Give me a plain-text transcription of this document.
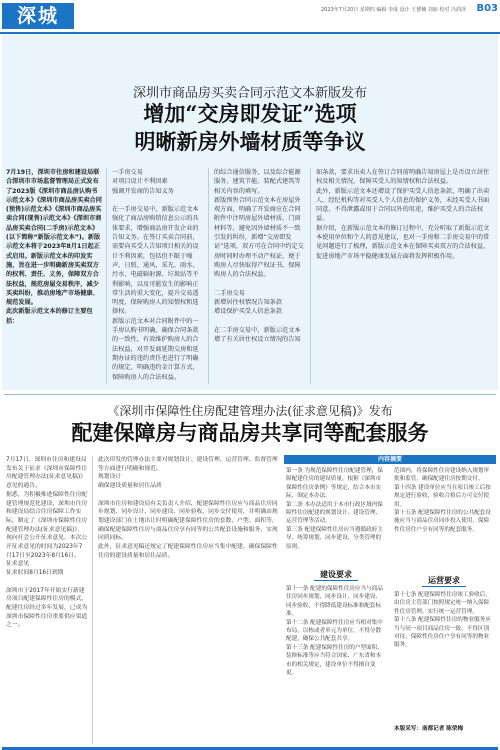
深城	2023年7月20日 星期四 编辑 李成 设计 王德楠 刘丽 校对 冯润泽 B03
深圳市商品房买卖合同示范文本新版发布
增加“交房即发证”选项
明晰新房外墙材质等争议
7月19日，深圳市住房和建设局联合深圳市市场监督管理局正式发布了2023版《深圳市商品房认购书示范文本》《深圳市商品房买卖合同(预售)示范文本》《深圳市商品房买卖合同(现售)示范文本》《深圳市商品房买卖合同(二手房)示范文本》(以下简称“新版示范文本”)。新版示范文本将于2023年8月1日起正式启用。新版示范文本的印发实施，旨在进一步明确新房买卖双方的权利、责任、义务，保障双方合法权益，规范房屋交易秩序，减少买卖纠纷，推动房地产市场健康、规范发展。
此次新版示范文本的修订主要包括：
一手房交易
对项目设计不利因素
强调开发商的告知义务

在一手房交易中，新版示范文本强化了商品房购销信息公示的具体要求，增强商品房开发企业的告知义务。在签订买卖合同前，需要向买受人告知项目相关的设计不利因素，包括但不限于噪声、日照、通风、采光、雨水、污水、电磁辐射源、垃圾站等不利影响，以及可能发生的影响正常生活的重大变化，提升交易透明度，保障购房人的知情权和选择权。
新版示范文本对合同附件中的一手房认购书明确，确保合同条款的一致性，有效维护购房人的合法权益，对开发商延期交房和延期办证的违约责任也进行了明确的规定，明确违约金计算方式，保障购房人的合法权益。
的综合通信服务，以及综合能源服务、建筑节能、装配式建筑等相关内容的填写。
新版预售合同示范文本在房屋外观方面，明确了开发商应在合同附件中注明房屋外墙材质、门窗材料等，避免因外墙材质不一致引发的纠纷，新增“交房即发证”选项，双方可在合同中约定交房时同时办理不动产权证，便于购房人尽快取得产权证书，保障购房人的合法权益。

二手房交易
新增居住权情况告知条款
增设保护买受人信息条款

在二手房交易中，新版示范文本增了有关居住权设立情况的告知
如条款，要求出卖人在签订合同前明确告知房屋上是否设立居住权及相关情况，保障买受人的知情权和合法权益。
此外，新版示范文本还增设了保护买受人信息条款，明确了出卖人、经纪机构等对买受人个人信息的保护义务，未经买受人书面同意，不得泄露或用于合同以外的用途，维护买受人的合法权益。
据介绍，在新版示范文本的修订过程中，充分听取了新版示范文本使用单位和个人的意见建议，也对一手房和二手房交易中的常见问题进行了梳理，新版示范文本在保障买卖双方的合法权益、促进房地产市场平稳健康发展方面将发挥积极作用。
《深圳市保障性住房配建管理办法(征求意见稿)》发布
配建保障房与商品房共享同等配套服务
7月17日，深圳市住房和建设局发布关于征求《深圳市保障性住房配建管理办法(征求意见稿)》意见的通告。
据悉，为积极推进保障性住房配建管理规范化建设，深圳市住房和建设局结合住房保障工作实际，制定了《深圳市保障性住房配建管理办法(征求意见稿)》，现向社会公开征求意见，本次公开征求意见的时间为2023年7月17日至2023年8月16日。
征求意见
征求时间8月16日到期

深圳市于2017年开始实行新建房项目配建保障性住房的模式，配建住房经过多年发展，已成为深圳市保障性住房重要供应渠道之一。
此次印发的管理办法主要对规划设计、建设管理、运营管理、监督管理等方面进行明确和规范。
规划设计
确保建设质量和居住品质

深圳市住房和建设局有关负责人介绍，配建保障性住房应与商品住房同步规划、同步设计、同步建设、同步验收、同步交付使用，并明确由规划建设部门在土地出让时明确配建保障性住房的套数、户型、面积等，确保配建保障性住房与商品住房享有同等的公共配套设施和服务，实现同质同标。
此外，征求意见稿还规定了配建保障性住房应当集中配建，确保保障性住房的建设质量和居住品质。
内容摘要
第一条 为规范保障性住房配建管理，保障配建住房的建设质量，根据《深圳市保障性住房条例》等规定，结合本市实际，制定本办法。
第二条 本办法适用于本市行政区域内保障性住房配建的规划设计、建设管理、运营管理等活动。
第三条 配建保障性住房应当遵循政府主导、统筹规划、同步建设、分类管理的原则。
建设要求
第十一条 配建的保障性住房应当与商品住房同步规划、同步设计、同步建设、同步验收，不得降低建设标准和配套标准。
第十二条 配建保障性住房应当相对集中布局，以栋或者单元为单位，不得分散配建，确保公共配套共享。
第十三条 配建保障性住房的户型面积、装修标准等应当符合国家、广东省和本市的相关规定，建设单位不得擅自变更。
范围内，将保障性住房建设纳入规划审批和监管，确保配建住房按期交付。
第十四条 建设单位应当在项目竣工后按规定进行验收，验收合格后方可交付使用。
第十五条 配建保障性住房的公共配套设施应当与商品住房同步投入使用，保障性住房住户享有同等的配套服务。
运营要求
第十七条 配建保障性住房竣工验收后，由住房主管部门按照规定统一纳入保障性住房管理，实行统一运营管理。
第十八条 配建保障性住房的物业服务应当与同一项目商品住房一致，不得区别对待，保障性住房住户享有同等的物业服务。
本版采写：南都记者 陈荣梅
